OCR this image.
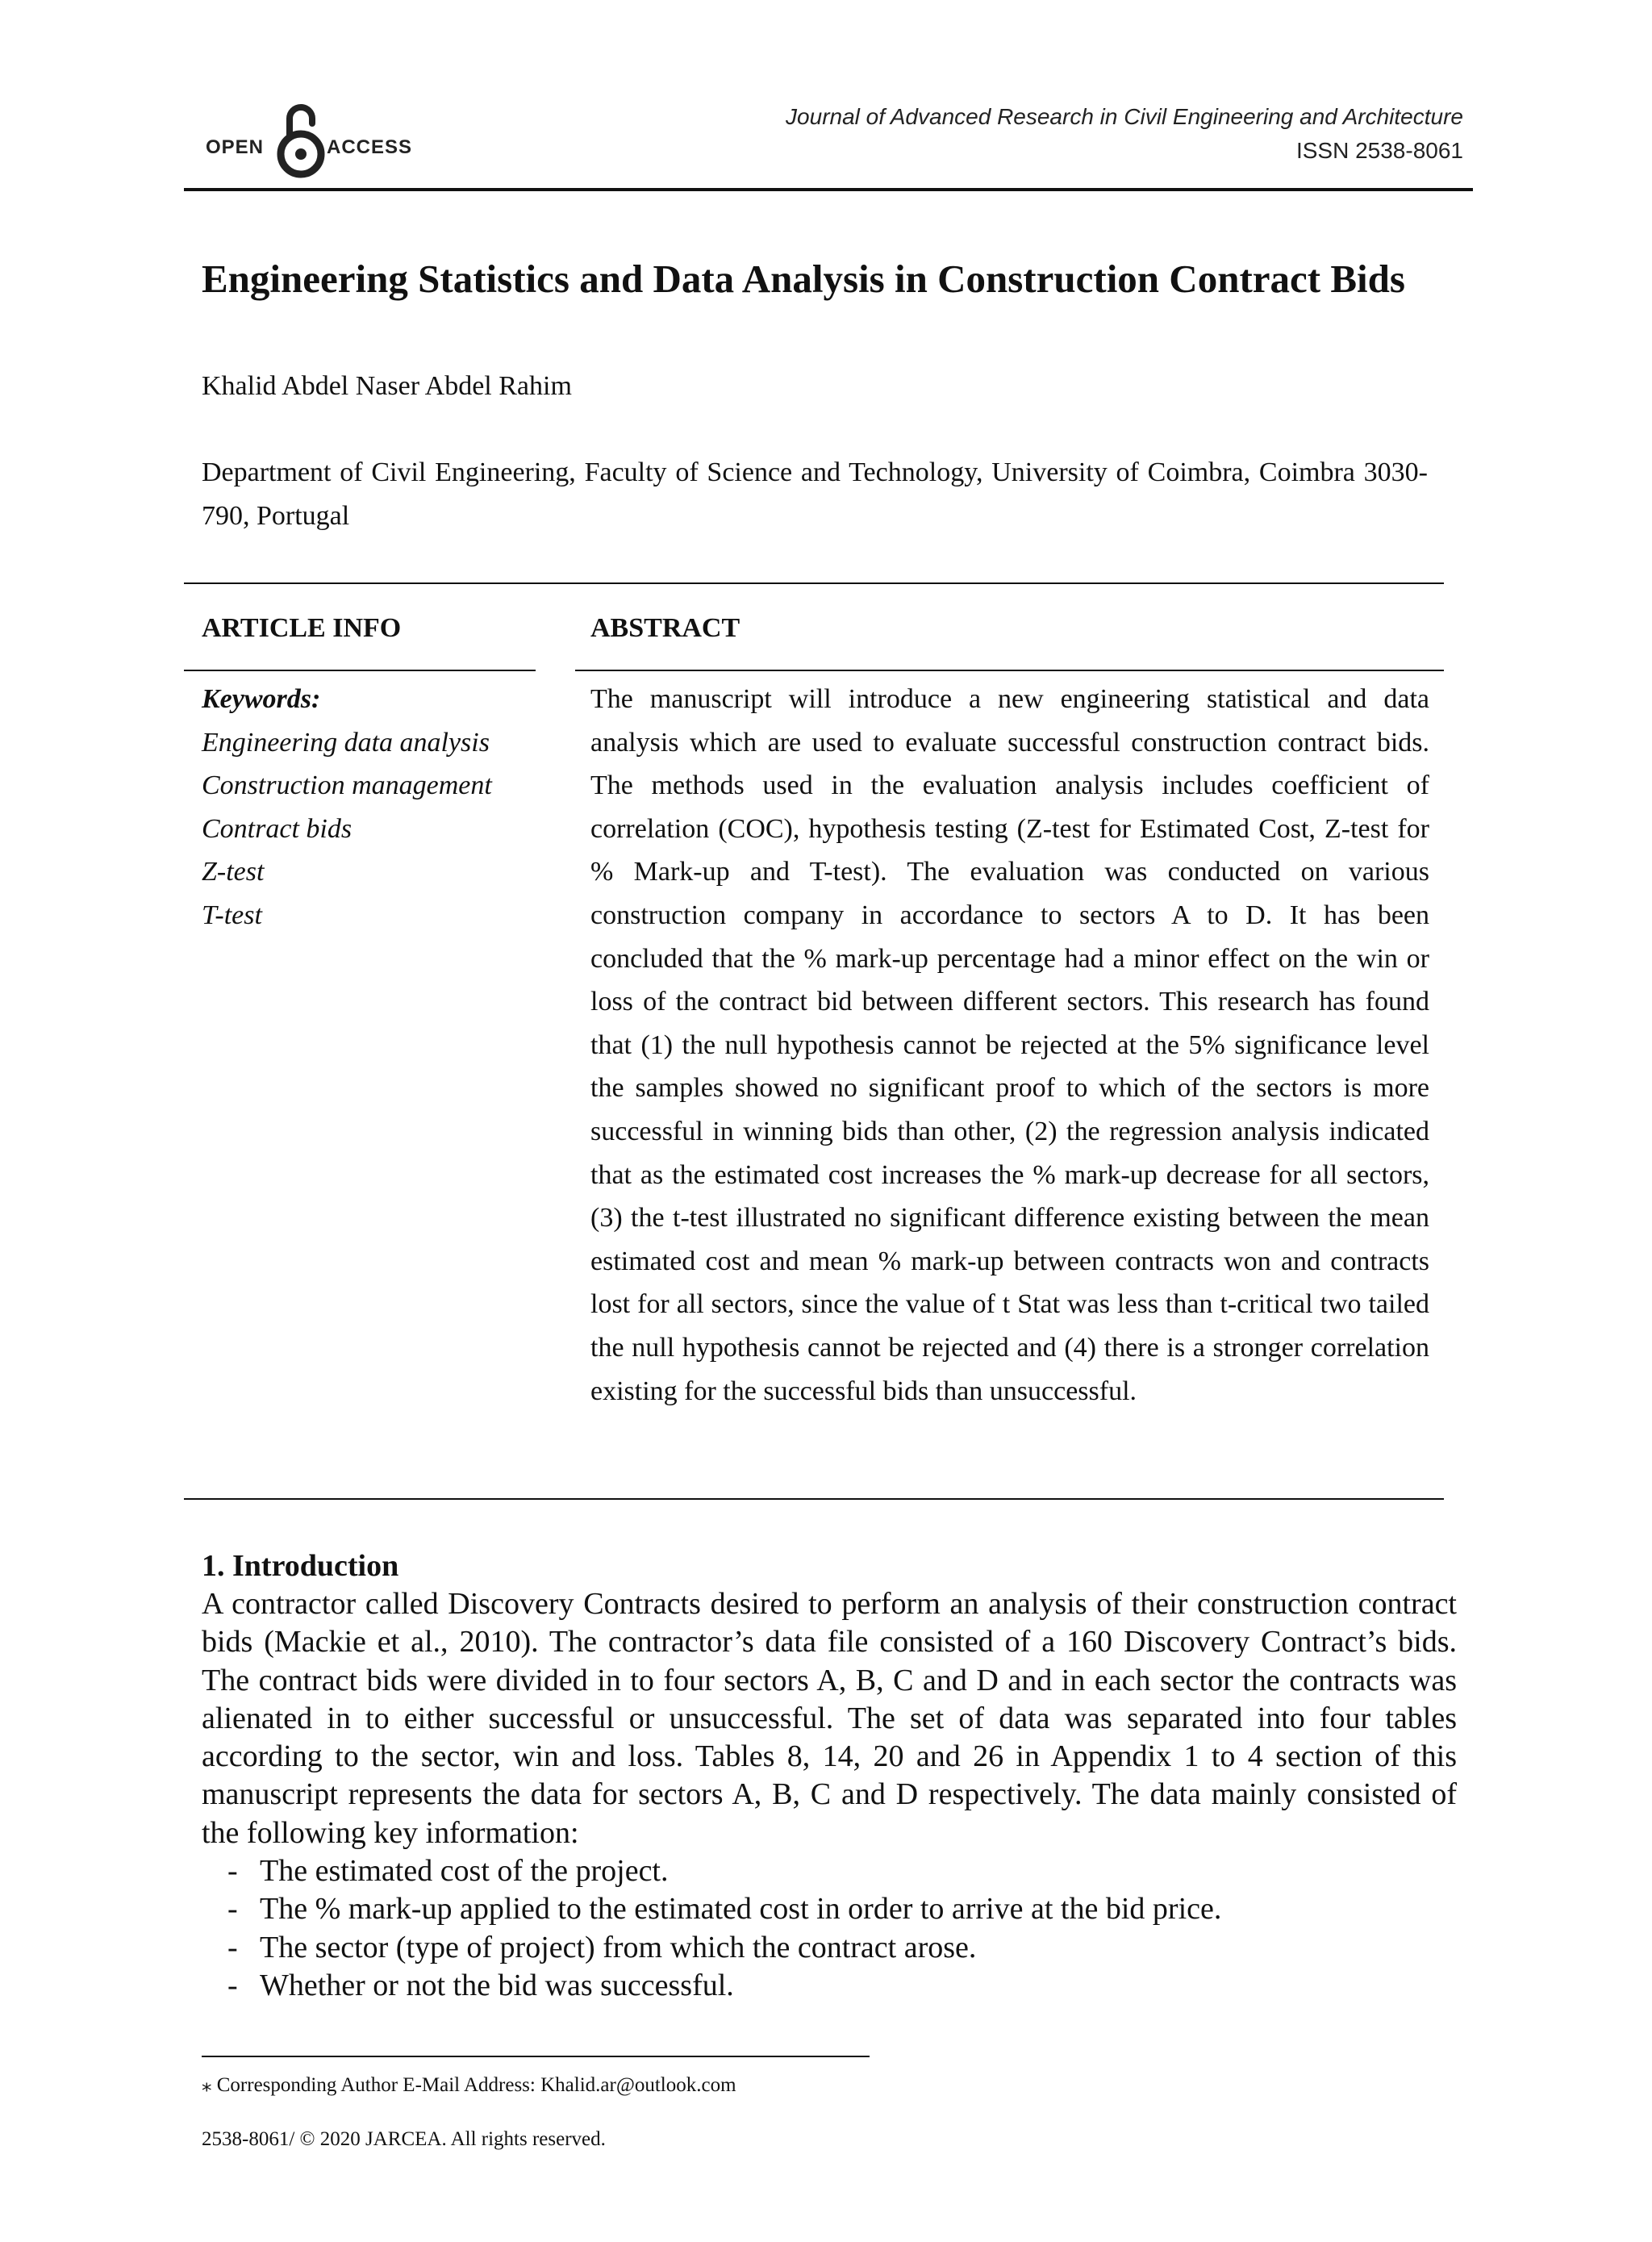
OPEN	ACCESS
Journal of Advanced Research in Civil Engineering and Architecture
ISSN 2538-8061
Engineering Statistics and Data Analysis in Construction Contract Bids
Khalid Abdel Naser Abdel Rahim
Department of Civil Engineering, Faculty of Science and Technology, University of Coimbra, Coimbra 3030-790, Portugal
ARTICLE INFO	ABSTRACT
Keywords:
Engineering data analysis
Construction management
Contract bids
Z-test
T-test
The manuscript will introduce a new engineering statistical and data analysis which are used to evaluate successful construction contract bids. The methods used in the evaluation analysis includes coefficient of correlation (COC), hypothesis testing (Z-test for Estimated Cost, Z-test for % Mark-up and T-test). The evaluation was conducted on various construction company in accordance to sectors A to D. It has been concluded that the % mark-up percentage had a minor effect on the win or loss of the contract bid between different sectors. This research has found that (1) the null hypothesis cannot be rejected at the 5% significance level the samples showed no significant proof to which of the sectors is more successful in winning bids than other, (2) the regression analysis indicated that as the estimated cost increases the % mark-up decrease for all sectors, (3) the t-test illustrated no significant difference existing between the mean estimated cost and mean % mark-up between contracts won and contracts lost for all sectors, since the value of t Stat was less than t-critical two tailed the null hypothesis cannot be rejected and (4) there is a stronger correlation existing for the successful bids than unsuccessful.
1. Introduction
A contractor called Discovery Contracts desired to perform an analysis of their construction contract bids (Mackie et al., 2010). The contractor’s data file consisted of a 160 Discovery Contract’s bids. The contract bids were divided in to four sectors A, B, C and D and in each sector the contracts was alienated in to either successful or unsuccessful. The set of data was separated into four tables according to the sector, win and loss. Tables 8, 14, 20 and 26 in Appendix 1 to 4 section of this manuscript represents the data for sectors A, B, C and D respectively. The data mainly consisted of the following key information:
- The estimated cost of the project.
- The % mark-up applied to the estimated cost in order to arrive at the bid price.
- The sector (type of project) from which the contract arose.
- Whether or not the bid was successful.
⁎ Corresponding Author E-Mail Address: Khalid.ar@outlook.com
2538-8061/ © 2020 JARCEA. All rights reserved.
